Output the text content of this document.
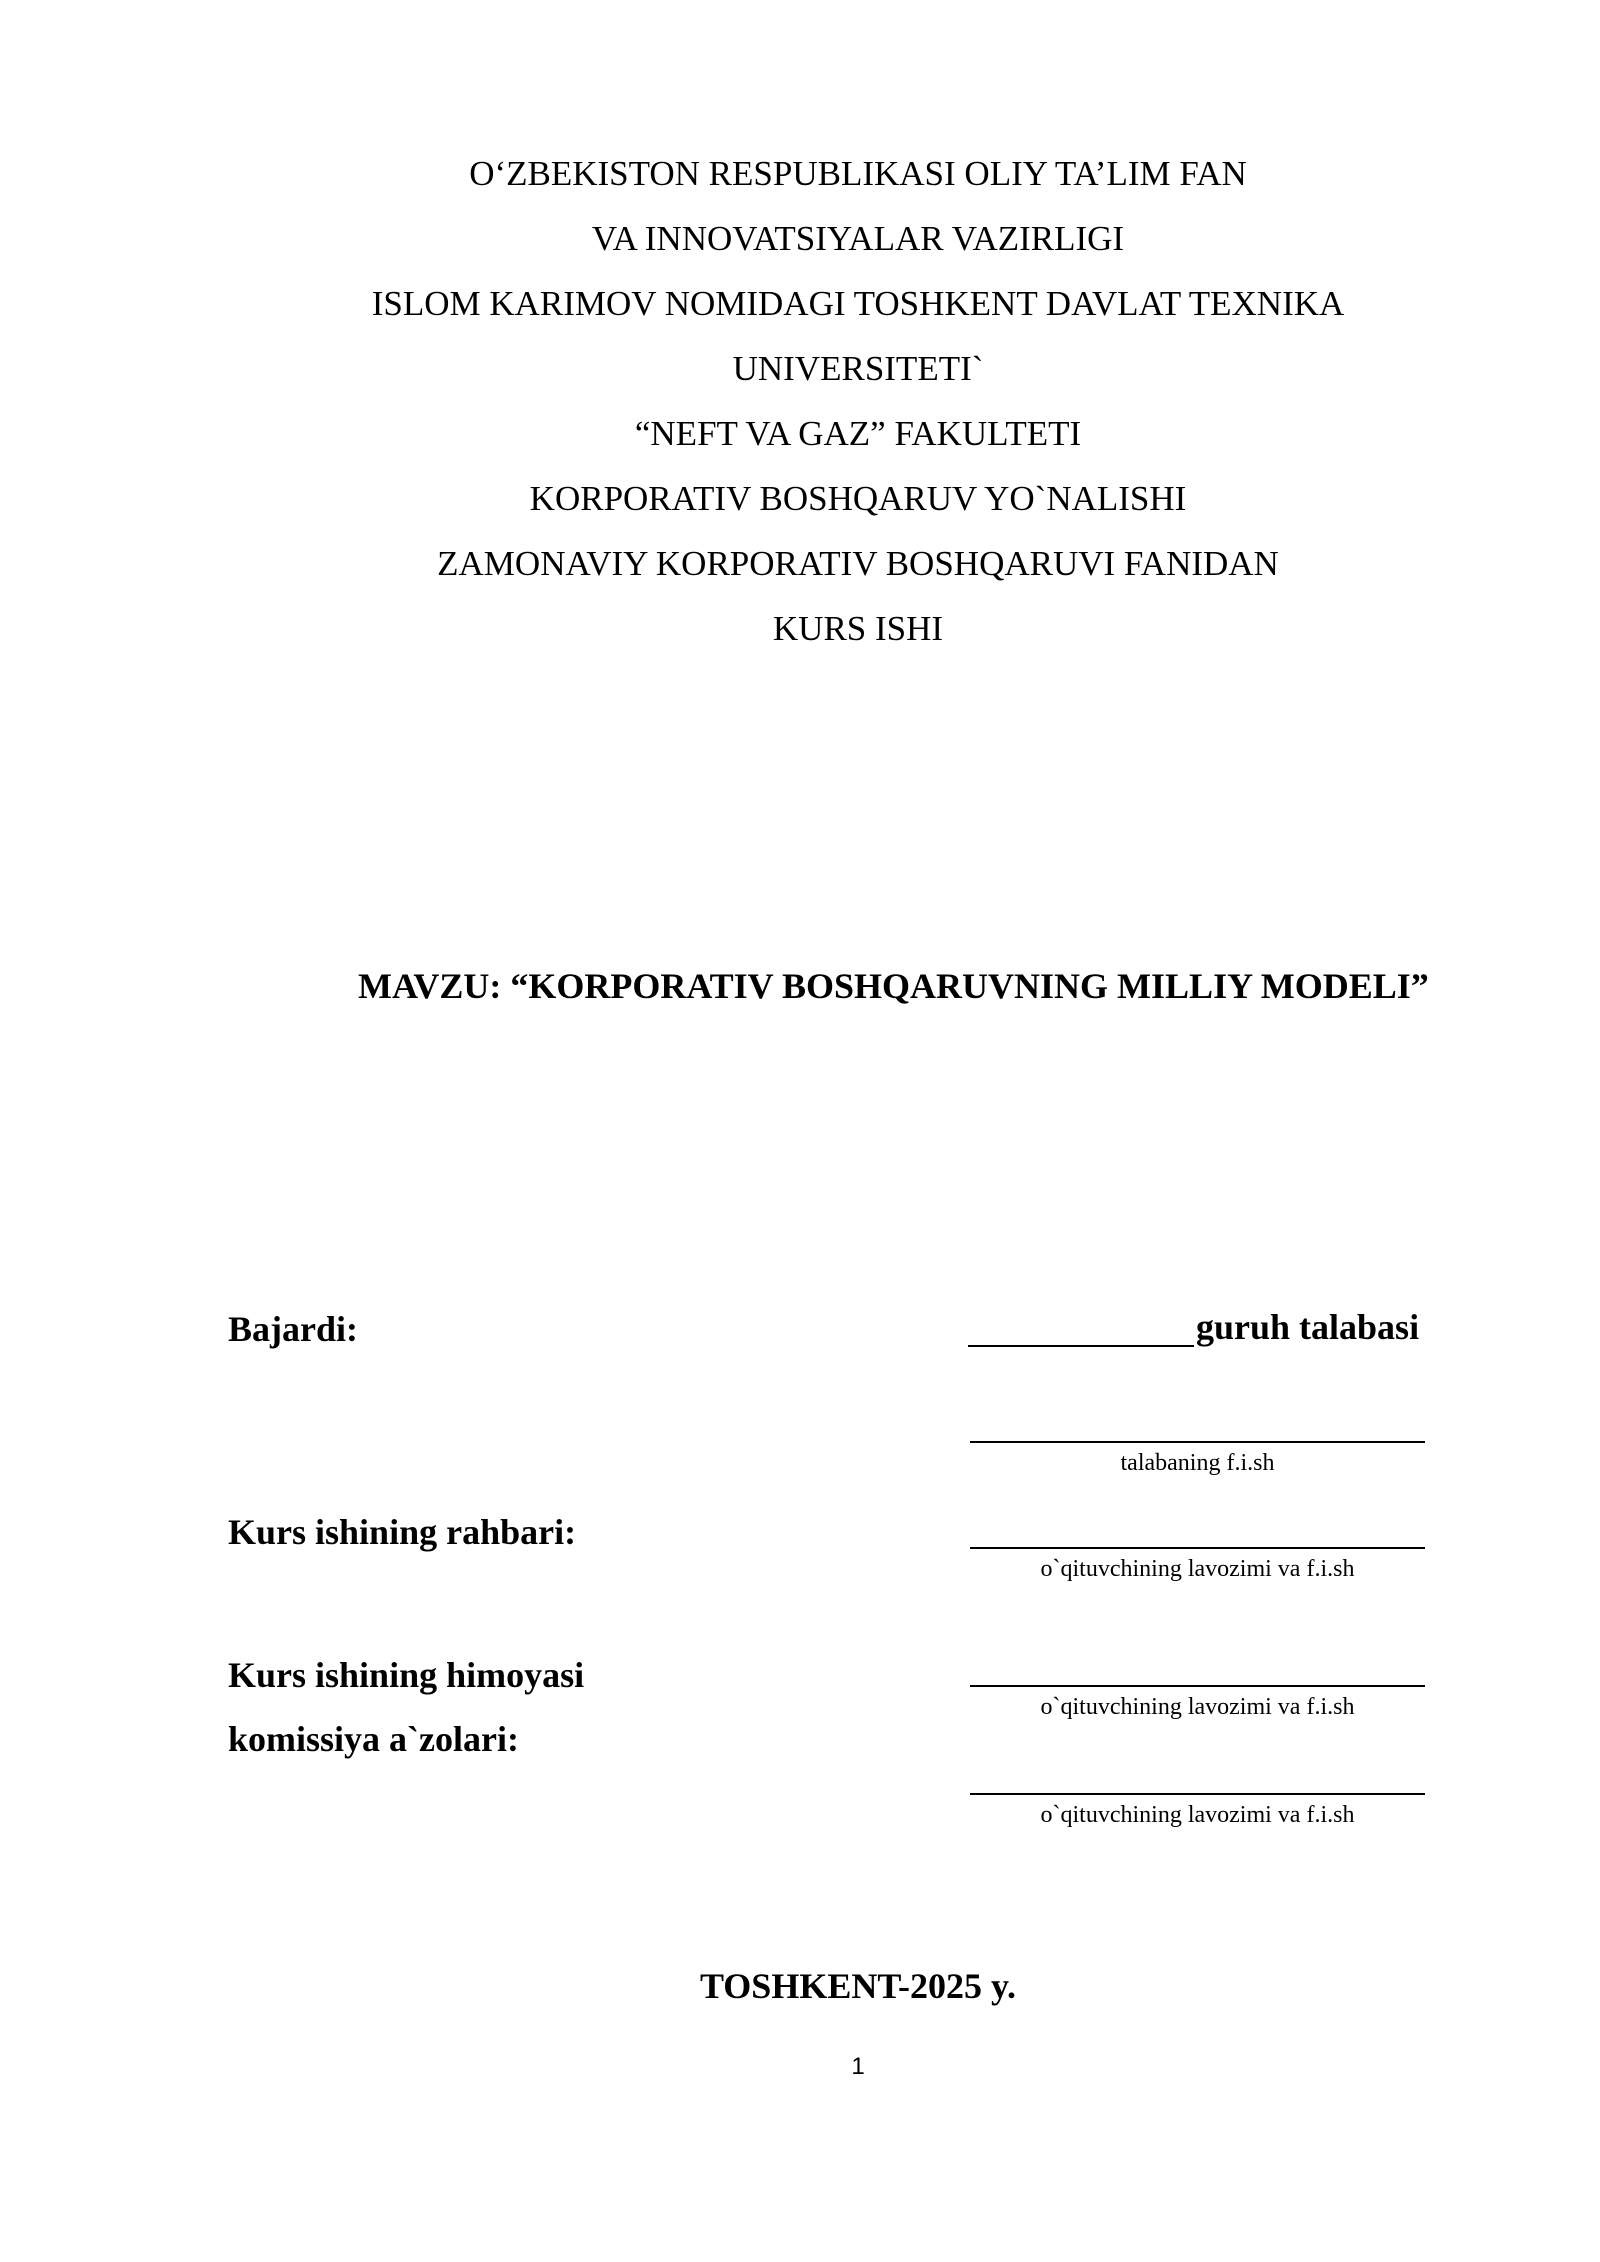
O‘ZBEKISTON RESPUBLIKASI OLIY TA’LIM FAN
VA INNOVATSIYALAR VAZIRLIGI
ISLOM KARIMOV NOMIDAGI TOSHKENT DAVLAT TEXNIKA
UNIVERSITETI`
“NEFT VA GAZ” FAKULTETI
KORPORATIV BOSHQARUV YO`NALISHI
ZAMONAVIY KORPORATIV BOSHQARUVI FANIDAN
KURS ISHI
MAVZU: “KORPORATIV BOSHQARUVNING MILLIY MODELI”
Bajardi:	guruh talabasi
talabaning f.i.sh
Kurs ishining rahbari:
o`qituvchining lavozimi va f.i.sh
Kurs ishining himoyasi
komissiya a`zolari:
o`qituvchining lavozimi va f.i.sh
o`qituvchining lavozimi va f.i.sh
TOSHKENT-2025 y.
1
